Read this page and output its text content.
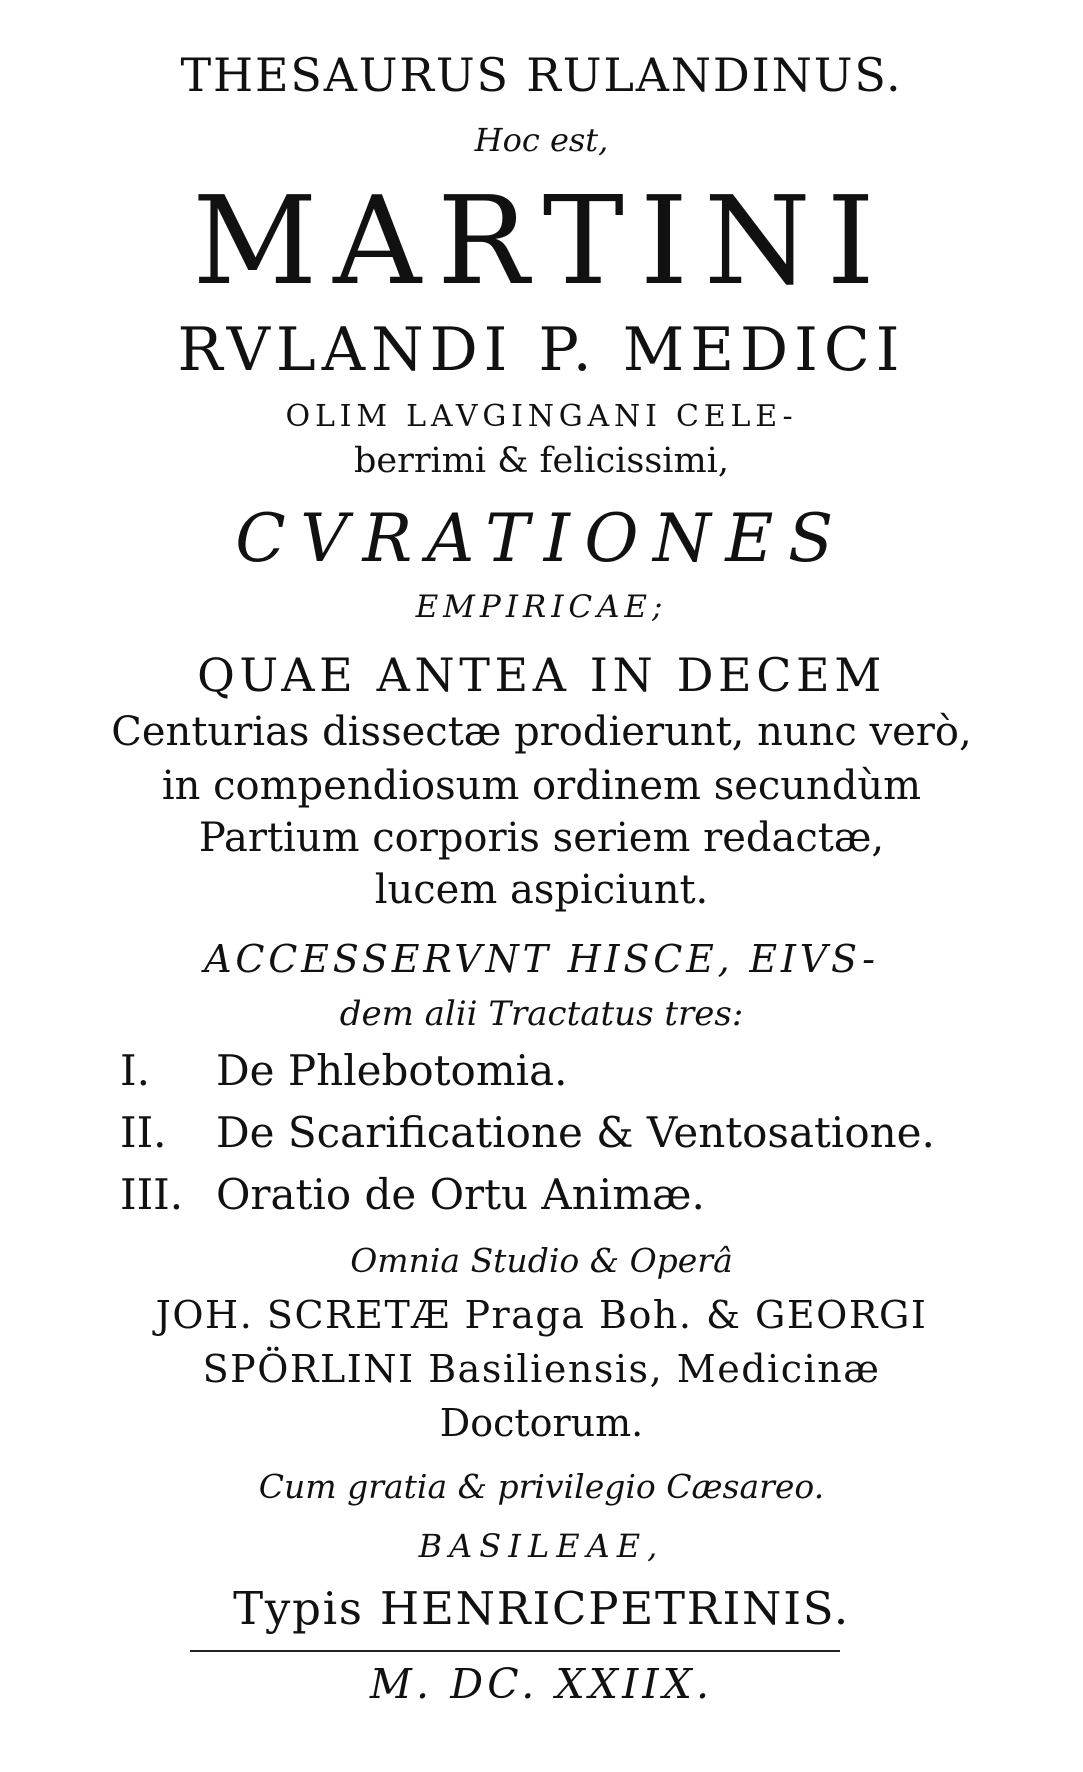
THESAURUS RULANDINUS.
Hoc est,
MARTINI
RVLANDI P. MEDICI
OLIM LAVGINGANI CELE-
berrimi & felicissimi,
CVRATIONES
EMPIRICAE;
QUAE ANTEA IN DECEM
Centurias dissectæ prodierunt, nunc verò,
in compendiosum ordinem secundùm
Partium corporis seriem redactæ,
lucem aspiciunt.
ACCESSERVNT HISCE, EIVS-
dem alii Tractatus tres:
I. De Phlebotomia.
II. De Scarificatione & Ventosatione.
III. Oratio de Ortu Animæ.
Omnia Studio & Operâ
JOH. SCRETÆ Praga Boh. & GEORGI
SPÖRLINI Basiliensis, Medicinæ
Doctorum.
Cum gratia & privilegio Cæsareo.
BASILEAE,
Typis HENRICPETRINIS.
M. DC. XXIIX.
